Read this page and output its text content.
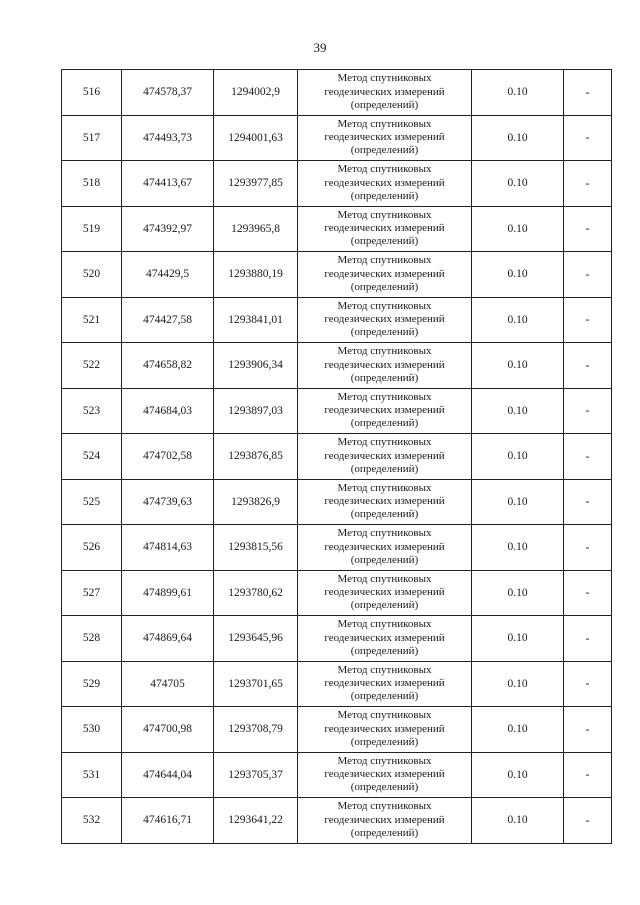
39
516	474578,37	1294002,9	Метод спутниковых
геодезических измерений
(определений)	0.10	-
517	474493,73	1294001,63	Метод спутниковых
геодезических измерений
(определений)	0.10	-
518	474413,67	1293977,85	Метод спутниковых
геодезических измерений
(определений)	0.10	-
519	474392,97	1293965,8	Метод спутниковых
геодезических измерений
(определений)	0.10	-
520	474429,5	1293880,19	Метод спутниковых
геодезических измерений
(определений)	0.10	-
521	474427,58	1293841,01	Метод спутниковых
геодезических измерений
(определений)	0.10	-
522	474658,82	1293906,34	Метод спутниковых
геодезических измерений
(определений)	0.10	-
523	474684,03	1293897,03	Метод спутниковых
геодезических измерений
(определений)	0.10	-
524	474702,58	1293876,85	Метод спутниковых
геодезических измерений
(определений)	0.10	-
525	474739,63	1293826,9	Метод спутниковых
геодезических измерений
(определений)	0.10	-
526	474814,63	1293815,56	Метод спутниковых
геодезических измерений
(определений)	0.10	-
527	474899,61	1293780,62	Метод спутниковых
геодезических измерений
(определений)	0.10	-
528	474869,64	1293645,96	Метод спутниковых
геодезических измерений
(определений)	0.10	-
529	474705	1293701,65	Метод спутниковых
геодезических измерений
(определений)	0.10	-
530	474700,98	1293708,79	Метод спутниковых
геодезических измерений
(определений)	0.10	-
531	474644,04	1293705,37	Метод спутниковых
геодезических измерений
(определений)	0.10	-
532	474616,71	1293641,22	Метод спутниковых
геодезических измерений
(определений)	0.10	-
